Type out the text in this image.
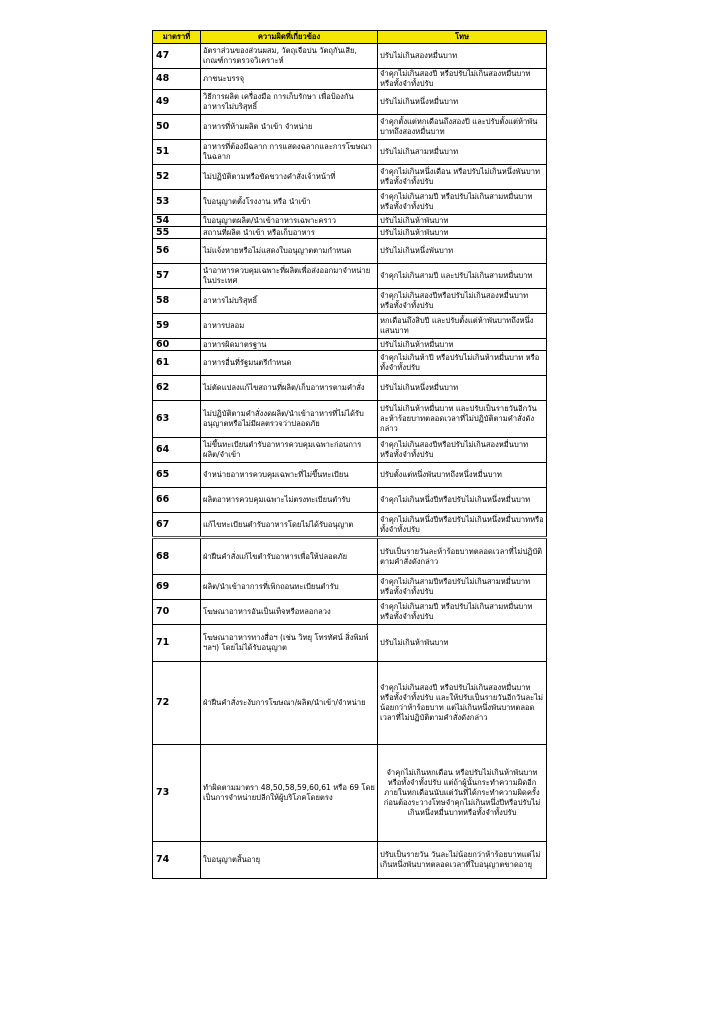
มาตราที่	ความผิดที่เกี่ยวข้อง	โทษ
47	อัตราส่วนของส่วนผสม, วัตถุเจือปน วัตถุกันเสีย, เกณฑ์การตรวจวิเคราะห์	ปรับไม่เกินสองหมื่นบาท
48	ภาชนะบรรจุ	จำคุกไม่เกินสองปี หรือปรับไม่เกินสองหมื่นบาท หรือทั้งจำทั้งปรับ
49	วิธีการผลิต เครื่องมือ การเก็บรักษา เพื่อป้องกันอาหารไม่บริสุทธิ์	ปรับไม่เกินหนึ่งหมื่นบาท
50	อาหารที่ห้ามผลิต นำเข้า จำหน่าย	จำคุกตั้งแต่หกเดือนถึงสองปี และปรับตั้งแต่ห้าพันบาทถึงสองหมื่นบาท
51	อาหารที่ต้องมีฉลาก การแสดงฉลากและการโฆษณาในฉลาก	ปรับไม่เกินสามหมื่นบาท
52	ไม่ปฏิบัติตามหรือขัดขวางคำสั่งเจ้าหน้าที่	จำคุกไม่เกินหนึ่งเดือน หรือปรับไม่เกินหนึ่งพันบาท หรือทั้งจำทั้งปรับ
53	ใบอนุญาตตั้งโรงงาน หรือ นำเข้า	จำคุกไม่เกินสามปี หรือปรับไม่เกินสามหมื่นบาท หรือทั้งจำทั้งปรับ
54	ใบอนุญาตผลิต/นำเข้าอาหารเฉพาะคราว	ปรับไม่เกินห้าพันบาท
55	สถานที่ผลิต นำเข้า หรือเก็บอาหาร	ปรับไม่เกินห้าพันบาท
56	ไม่แจ้งหายหรือไม่แสดงใบอนุญาตตามกำหนด	ปรับไม่เกินหนึ่งพันบาท
57	นำอาหารควบคุมเฉพาะที่ผลิตเพื่อส่งออกมาจำหน่ายในประเทศ	จำคุกไม่เกินสามปี และปรับไม่เกินสามหมื่นบาท
58	อาหารไม่บริสุทธิ์	จำคุกไม่เกินสองปีหรือปรับไม่เกินสองหมื่นบาท หรือทั้งจำทั้งปรับ
59	อาหารปลอม	หกเดือนถึงสิบปี และปรับตั้งแต่ห้าพันบาทถึงหนึ่งแสนบาท
60	อาหารผิดมาตรฐาน	ปรับไม่เกินห้าหมื่นบาท
61	อาหารอื่นที่รัฐมนตรีกำหนด	จำคุกไม่เกินห้าปี หรือปรับไม่เกินห้าหมื่นบาท หรือทั้งจำทั้งปรับ
62	ไม่ตัดแปลงแก้ไขสถานที่ผลิต/เก็บอาหารตามคำสั่ง	ปรับไม่เกินหนึ่งหมื่นบาท
63	ไม่ปฏิบัติตามคำสั่งงดผลิต/นำเข้าอาหารที่ไม่ได้รับอนุญาตหรือไม่มีผลตรวจว่าปลอดภัย	ปรับไม่เกินห้าหมื่นบาท และปรับเป็นรายวันอีกวันละห้าร้อยบาทตลอดเวลาที่ไม่ปฏิบัติตามคำสั่งดังกล่าว
64	ไม่ขึ้นทะเบียนตำรับอาหารควบคุมเฉพาะก่อนการผลิต/จำเข้า	จำคุกไม่เกินสองปีหรือปรับไม่เกินสองหมื่นบาท หรือทั้งจำทั้งปรับ
65	จำหน่ายอาหารควบคุมเฉพาะที่ไม่ขึ้นทะเบียน	ปรับตั้งแต่หนึ่งพันบาทถึงหนึ่งหมื่นบาท
66	ผลิตอาหารควบคุมเฉพาะไม่ตรงทะเบียนตำรับ	จำคุกไม่เกินหนึ่งปีหรือปรับไม่เกินหนึ่งหมื่นบาท
67	แก้ไขทะเบียนตำรับอาหารโดยไม่ได้รับอนุญาต	จำคุกไม่เกินหนึ่งปีหรือปรับไม่เกินหนึ่งหมื่นบาทหรือทั้งจำทั้งปรับ
68	ฝ่าฝืนคำสั่งแก้ไขตำรับอาหารเพื่อให้ปลอดภัย	ปรับเป็นรายวันละห้าร้อยบาทตลอดเวลาที่ไม่ปฏิบัติตามคำสั่งดังกล่าว
69	ผลิต/นำเข้าอาการที่เพิกถอนทะเบียนตำรับ	จำคุกไม่เกินสามปีหรือปรับไม่เกินสามหมื่นบาท หรือทั้งจำทั้งปรับ
70	โฆษณาอาหารอันเป็นเท็จหรือหลอกลวง	จำคุกไม่เกินสามปี หรือปรับไม่เกินสามหมื่นบาท หรือทั้งจำทั้งปรับ
71	โฆษณาอาหารทางสื่อฯ (เช่น วิทยุ โทรทัศน์ สิ่งพิมพ์ ฯลฯ) โดยไม่ได้รับอนุญาต	ปรับไม่เกินห้าพันบาท
72	ฝ่าฝืนคำสั่งระงับการโฆษณา/ผลิต/นำเข้า/จำหน่าย	จำคุกไม่เกินสองปี หรือปรับไม่เกินสองหมื่นบาท หรือทั้งจำทั้งปรับ และให้ปรับเป็นรายวันอีกวันละไม่น้อยกว่าห้าร้อยบาท แต่ไม่เกินหนึ่งพันบาทตลอดเวลาที่ไม่ปฏิบัติตามคำสั่งดังกล่าว
73	ทำผิดตามมาตรา 48,50,58,59,60,61 หรือ 69 โดยเป็นการจำหน่ายปลีกให้ผู้บริโภคโดยตรง	จำคุกไม่เกินหกเดือน หรือปรับไม่เกินห้าพันบาท หรือทั้งจำทั้งปรับ แต่ถ้าผู้นั้นกระทำความผิดอีกภายในหกเดือนนับแต่วันที่ได้กระทำความผิดครั้งก่อนต้องระวางโทษจำคุกไม่เกินหนึ่งปีหรือปรับไม่เกินหนึ่งหมื่นบาทหรือทั้งจำทั้งปรับ
74	ใบอนุญาตสิ้นอายุ	ปรับเป็นรายวัน วันละไม่น้อยกว่าห้าร้อยบาทแต่ไม่เกินหนึ่งพันบาทตลอดเวลาที่ใบอนุญาตขาดอายุ
